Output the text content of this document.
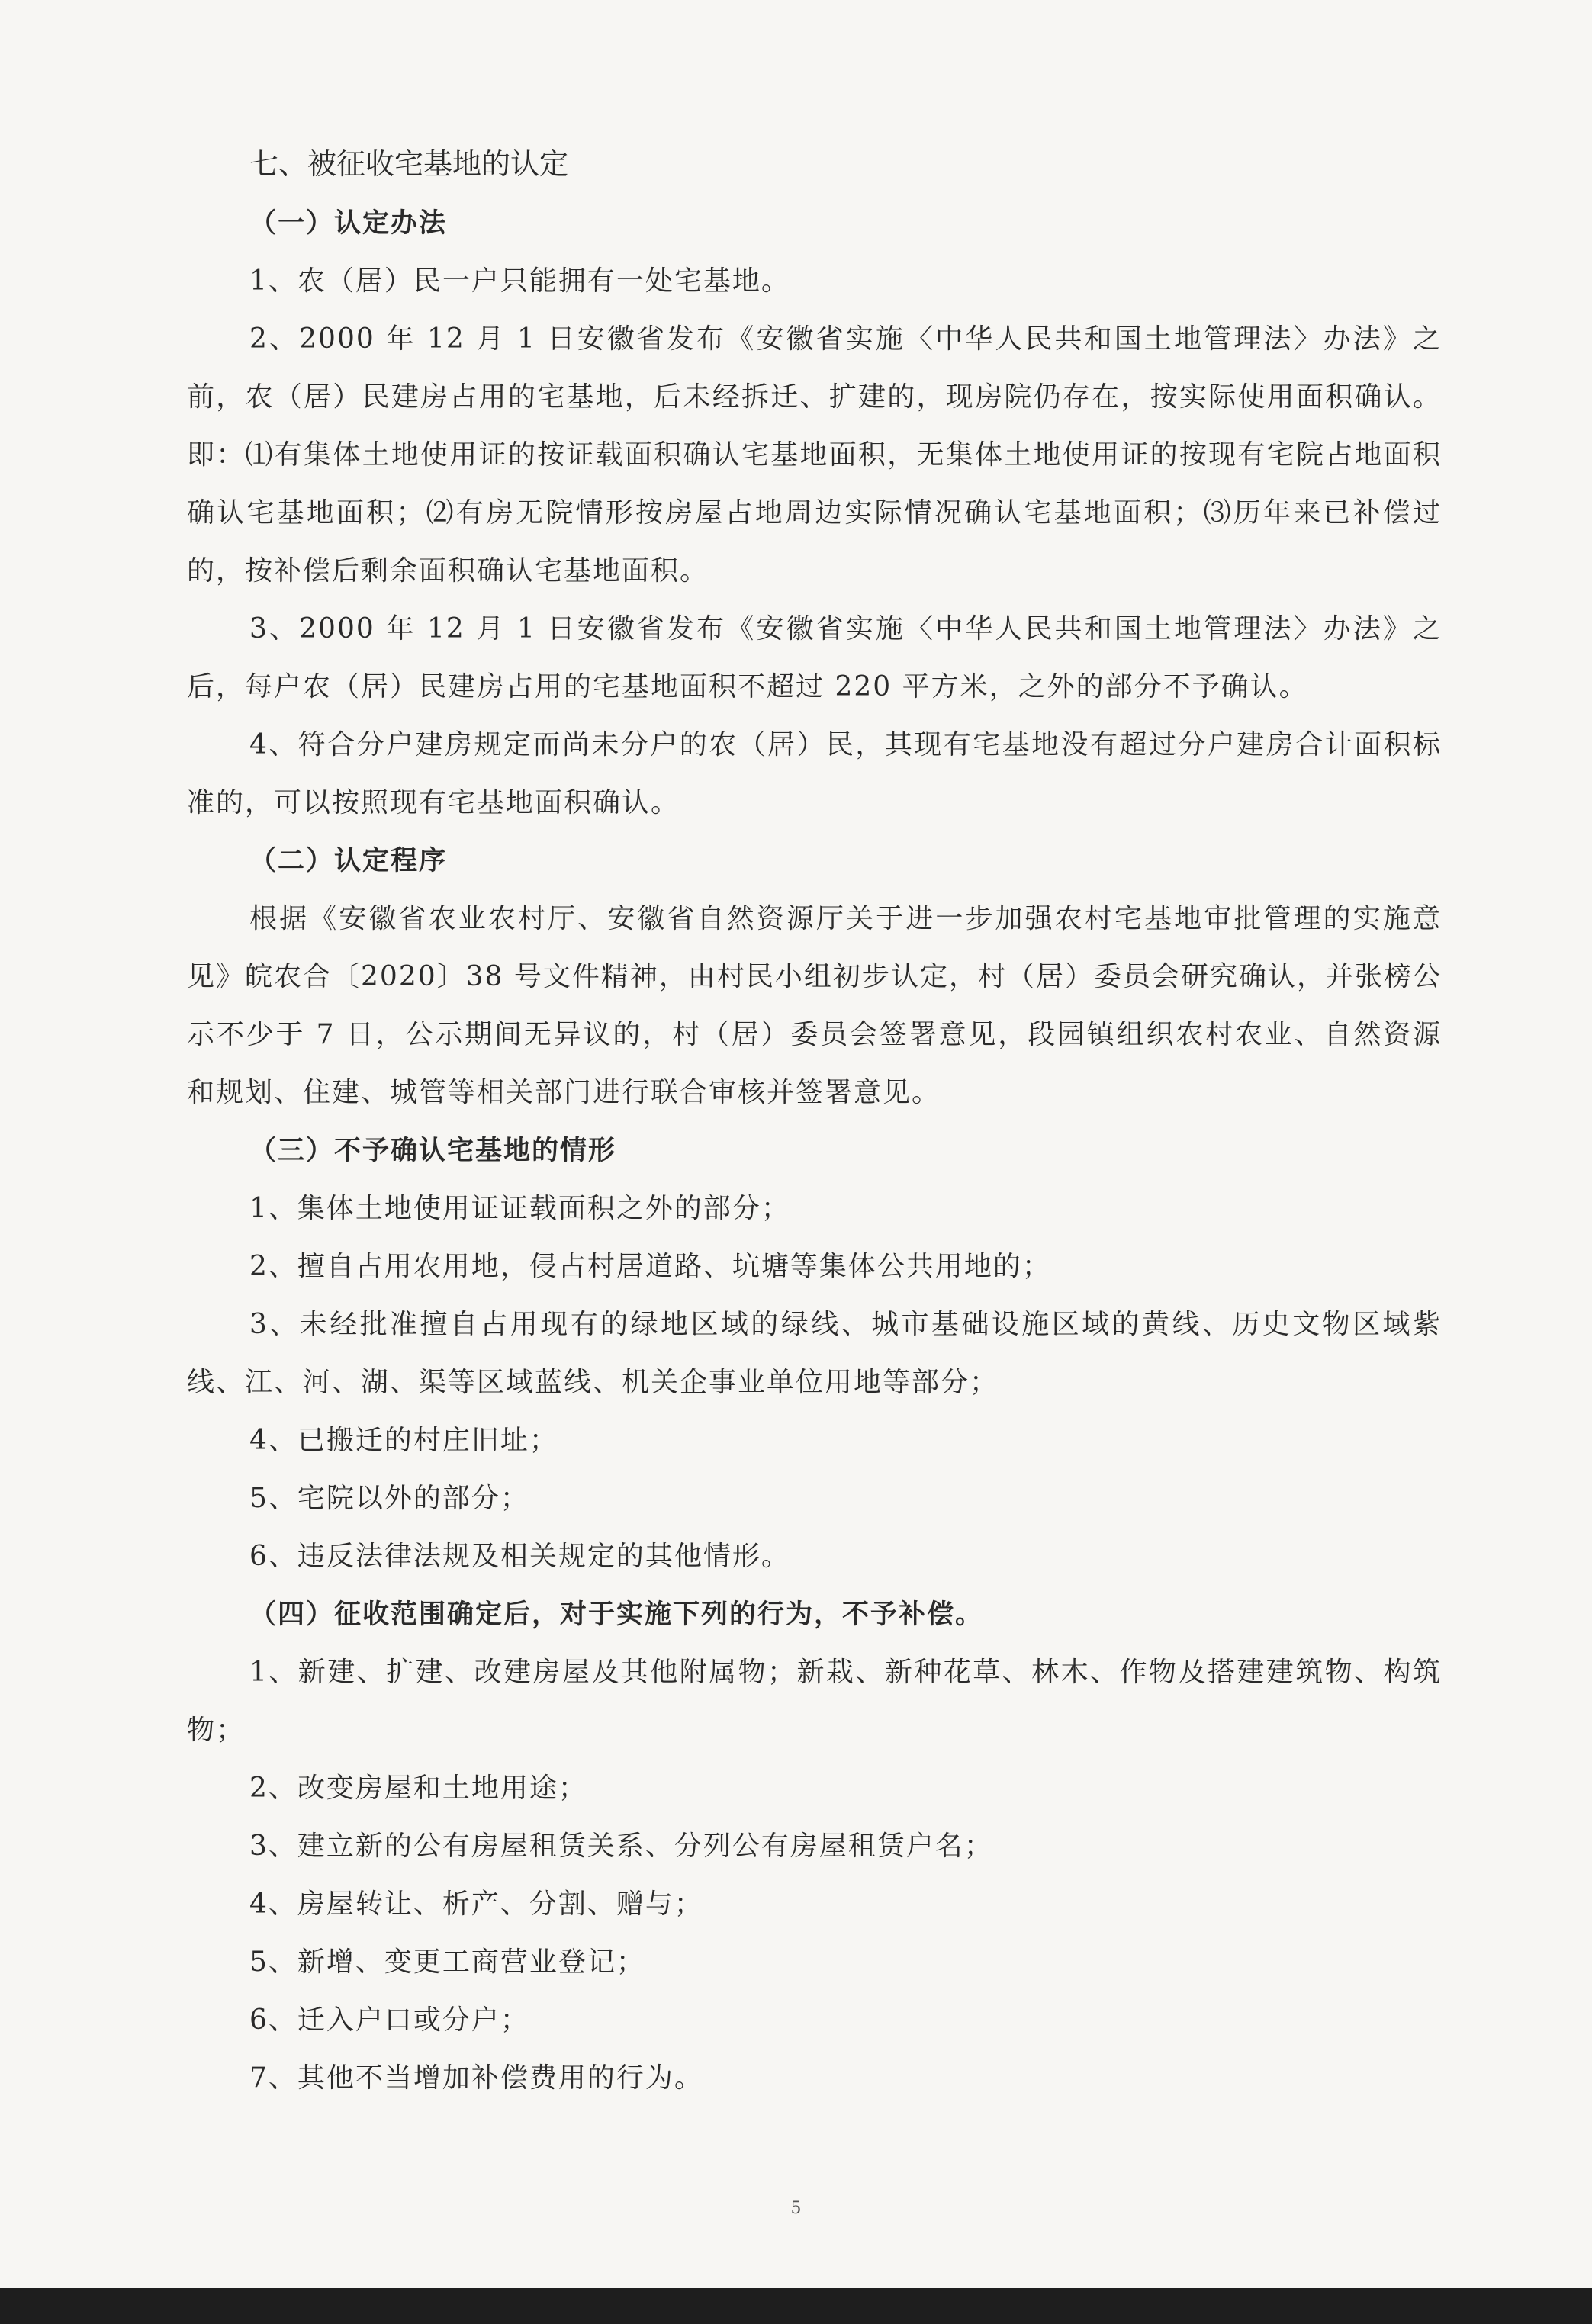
七、被征收宅基地的认定
（一）认定办法
1、农（居）民一户只能拥有一处宅基地。
2、2000 年 12 月 1 日安徽省发布《安徽省实施〈中华人民共和国土地管理法〉办法》之前，农（居）民建房占用的宅基地，后未经拆迁、扩建的，现房院仍存在，按实际使用面积确认。即：⑴有集体土地使用证的按证载面积确认宅基地面积，无集体土地使用证的按现有宅院占地面积确认宅基地面积；⑵有房无院情形按房屋占地周边实际情况确认宅基地面积；⑶历年来已补偿过的，按补偿后剩余面积确认宅基地面积。
3、2000 年 12 月 1 日安徽省发布《安徽省实施〈中华人民共和国土地管理法〉办法》之后，每户农（居）民建房占用的宅基地面积不超过 220 平方米，之外的部分不予确认。
4、符合分户建房规定而尚未分户的农（居）民，其现有宅基地没有超过分户建房合计面积标准的，可以按照现有宅基地面积确认。
（二）认定程序
根据《安徽省农业农村厅、安徽省自然资源厅关于进一步加强农村宅基地审批管理的实施意见》皖农合〔2020〕38 号文件精神，由村民小组初步认定，村（居）委员会研究确认，并张榜公示不少于 7 日，公示期间无异议的，村（居）委员会签署意见，段园镇组织农村农业、自然资源和规划、住建、城管等相关部门进行联合审核并签署意见。
（三）不予确认宅基地的情形
1、集体土地使用证证载面积之外的部分；
2、擅自占用农用地，侵占村居道路、坑塘等集体公共用地的；
3、未经批准擅自占用现有的绿地区域的绿线、城市基础设施区域的黄线、历史文物区域紫线、江、河、湖、渠等区域蓝线、机关企事业单位用地等部分；
4、已搬迁的村庄旧址；
5、宅院以外的部分；
6、违反法律法规及相关规定的其他情形。
（四）征收范围确定后，对于实施下列的行为，不予补偿。
1、新建、扩建、改建房屋及其他附属物；新栽、新种花草、林木、作物及搭建建筑物、构筑物；
2、改变房屋和土地用途；
3、建立新的公有房屋租赁关系、分列公有房屋租赁户名；
4、房屋转让、析产、分割、赠与；
5、新增、变更工商营业登记；
6、迁入户口或分户；
7、其他不当增加补偿费用的行为。
5
